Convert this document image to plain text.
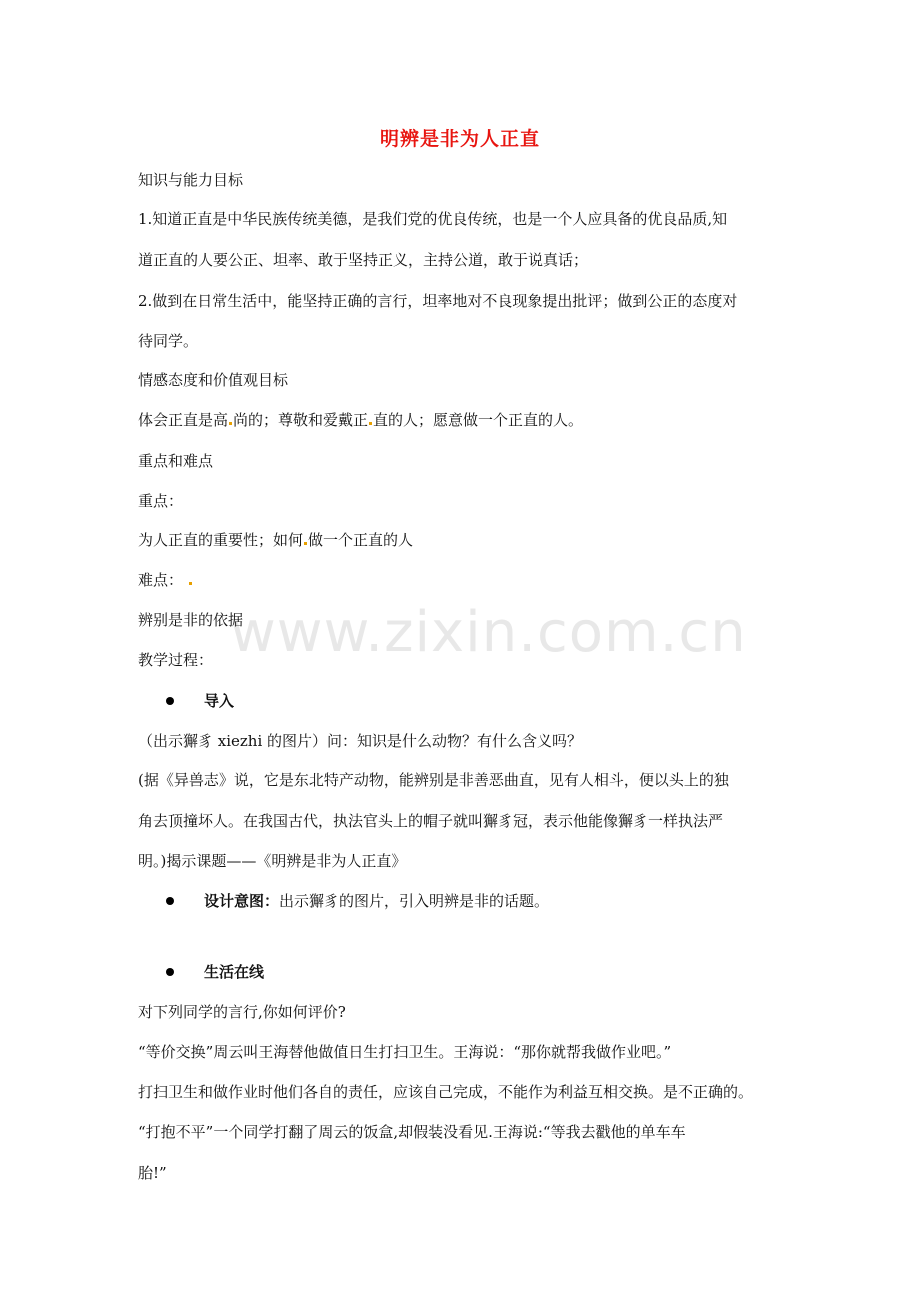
明辨是非为人正直
www.zixin.com.cn
知识与能力目标
1.知道正直是中华民族传统美德，是我们党的优良传统，也是一个人应具备的优良品质,知
道正直的人要公正、坦率、敢于坚持正义，主持公道，敢于说真话；
2.做到在日常生活中，能坚持正确的言行，坦率地对不良现象提出批评；做到公正的态度对
待同学。
情感态度和价值观目标
体会正直是高 尚的；尊敬和爱戴正 直的人；愿意做一个正直的人。
重点和难点
重点：
为人正直的重要性；如何 做一个正直的人
难点：
辨别是非的依据
教学过程：
导入
（出示獬豸 xiezhi 的图片）问：知识是什么动物？有什么含义吗？
(据《异兽志》说，它是东北特产动物，能辨别是非善恶曲直，见有人相斗，便以头上的独
角去顶撞坏人。在我国古代，执法官头上的帽子就叫獬豸冠，表示他能像獬豸一样执法严
明。)揭示课题——《明辨是非为人正直》
设计意图：出示獬豸的图片，引入明辨是非的话题。
生活在线
对下列同学的言行,你如何评价?
“等价交换”周云叫王海替他做值日生打扫卫生。王海说：“那你就帮我做作业吧。”
打扫卫生和做作业时他们各自的责任，应该自己完成，不能作为利益互相交换。是不正确的。
“打抱不平”一个同学打翻了周云的饭盒,却假装没看见.王海说:“等我去戳他的单车车
胎!”
